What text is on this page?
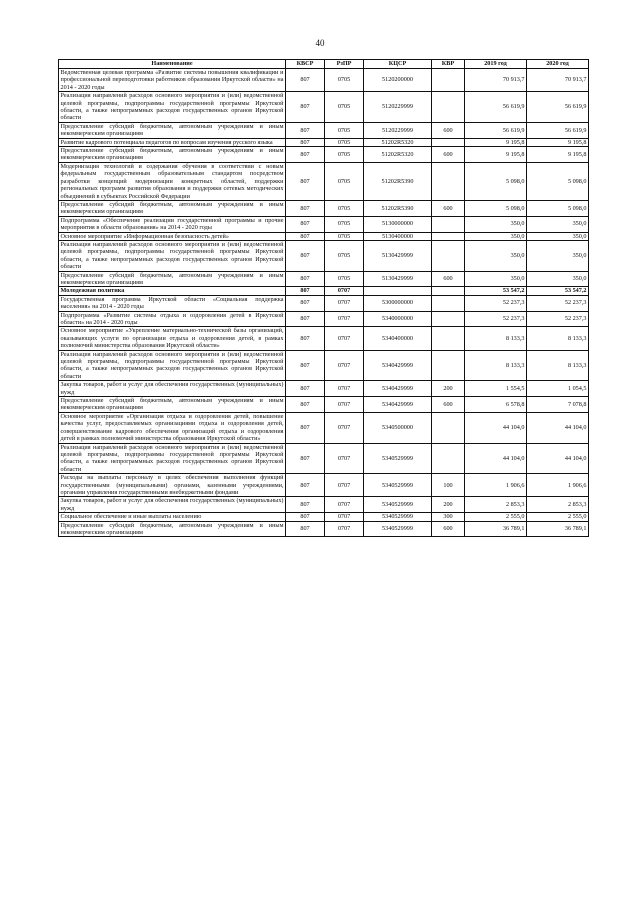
40
Наименование	КВСР	РзПР	КЦСР	КВР	2019 год	2020 год
Ведомственная целевая программа «Развитие системы повышения квалификации и профессиональной переподготовки работников образования Иркутской области» на 2014 - 2020 годы	807	0705	5120200000		70 913,7	70 913,7
Реализация направлений расходов основного мероприятия и (или) ведомственной целевой программы, подпрограммы государственной программы Иркутской области, а также непрограммных расходов государственных органов Иркутской области	807	0705	5120229999		56 619,9	56 619,9
Предоставление субсидий бюджетным, автономным учреждениям и иным некоммерческим организациям	807	0705	5120229999	600	56 619,9	56 619,9
Развитие кадрового потенциала педагогов по вопросам изучения русского языка	807	0705	51202R5320		9 195,8	9 195,8
Предоставление субсидий бюджетным, автономным учреждениям и иным некоммерческим организациям	807	0705	51202R5320	600	9 195,8	9 195,8
Модернизация технологий и содержания обучения в соответствии с новым федеральным государственным образовательным стандартом посредством разработки концепций модернизации конкретных областей, поддержки региональных программ развития образования и поддержки сетевых методических объединений в субъектах Российской Федерации	807	0705	51202R5390		5 098,0	5 098,0
Предоставление субсидий бюджетным, автономным учреждениям и иным некоммерческим организациям	807	0705	51202R5390	600	5 098,0	5 098,0
Подпрограмма «Обеспечение реализации государственной программы и прочие мероприятия в области образования» на 2014 - 2020 годы	807	0705	5130000000		350,0	350,0
Основное мероприятие «Информационная безопасность детей»	807	0705	5130400000		350,0	350,0
Реализация направлений расходов основного мероприятия и (или) ведомственной целевой программы, подпрограммы государственной программы Иркутской области, а также непрограммных расходов государственных органов Иркутской области	807	0705	5130429999		350,0	350,0
Предоставление субсидий бюджетным, автономным учреждениям и иным некоммерческим организациям	807	0705	5130429999	600	350,0	350,0
Молодежная политика	807	0707			53 547,2	53 547,2
Государственная программа Иркутской области «Социальная поддержка населения» на 2014 - 2020 годы	807	0707	5300000000		52 237,3	52 237,3
Подпрограмма «Развитие системы отдыха и оздоровления детей в Иркутской области» на 2014 - 2020 годы	807	0707	5340000000		52 237,3	52 237,3
Основное мероприятие «Укрепление материально-технической базы организаций, оказывающих услуги по организации отдыха и оздоровления детей, в рамках полномочий министерства образования Иркутской области»	807	0707	5340400000		8 133,3	8 133,3
Реализация направлений расходов основного мероприятия и (или) ведомственной целевой программы, подпрограммы государственной программы Иркутской области, а также непрограммных расходов государственных органов Иркутской области	807	0707	5340429999		8 133,3	8 133,3
Закупка товаров, работ и услуг для обеспечения государственных (муниципальных) нужд	807	0707	5340429999	200	1 554,5	1 054,5
Предоставление субсидий бюджетным, автономным учреждениям и иным некоммерческим организациям	807	0707	5340429999	600	6 578,8	7 078,8
Основное мероприятие «Организация отдыха и оздоровления детей, повышение качества услуг, предоставляемых организациями отдыха и оздоровления детей, совершенствование кадрового обеспечения организаций отдыха и оздоровления детей в рамках полномочий министерства образования Иркутской области»	807	0707	5340500000		44 104,0	44 104,0
Реализация направлений расходов основного мероприятия и (или) ведомственной целевой программы, подпрограммы государственной программы Иркутской области, а также непрограммных расходов государственных органов Иркутской области	807	0707	5340529999		44 104,0	44 104,0
Расходы на выплаты персоналу в целях обеспечения выполнения функций государственными (муниципальными) органами, казенными учреждениями, органами управления государственными внебюджетными фондами	807	0707	5340529999	100	1 906,6	1 906,6
Закупка товаров, работ и услуг для обеспечения государственных (муниципальных) нужд	807	0707	5340529999	200	2 853,3	2 853,3
Социальное обеспечение и иные выплаты населению	807	0707	5340529999	300	2 555,0	2 555,0
Предоставление субсидий бюджетным, автономным учреждениям и иным некоммерческим организациям	807	0707	5340529999	600	36 789,1	36 789,1
